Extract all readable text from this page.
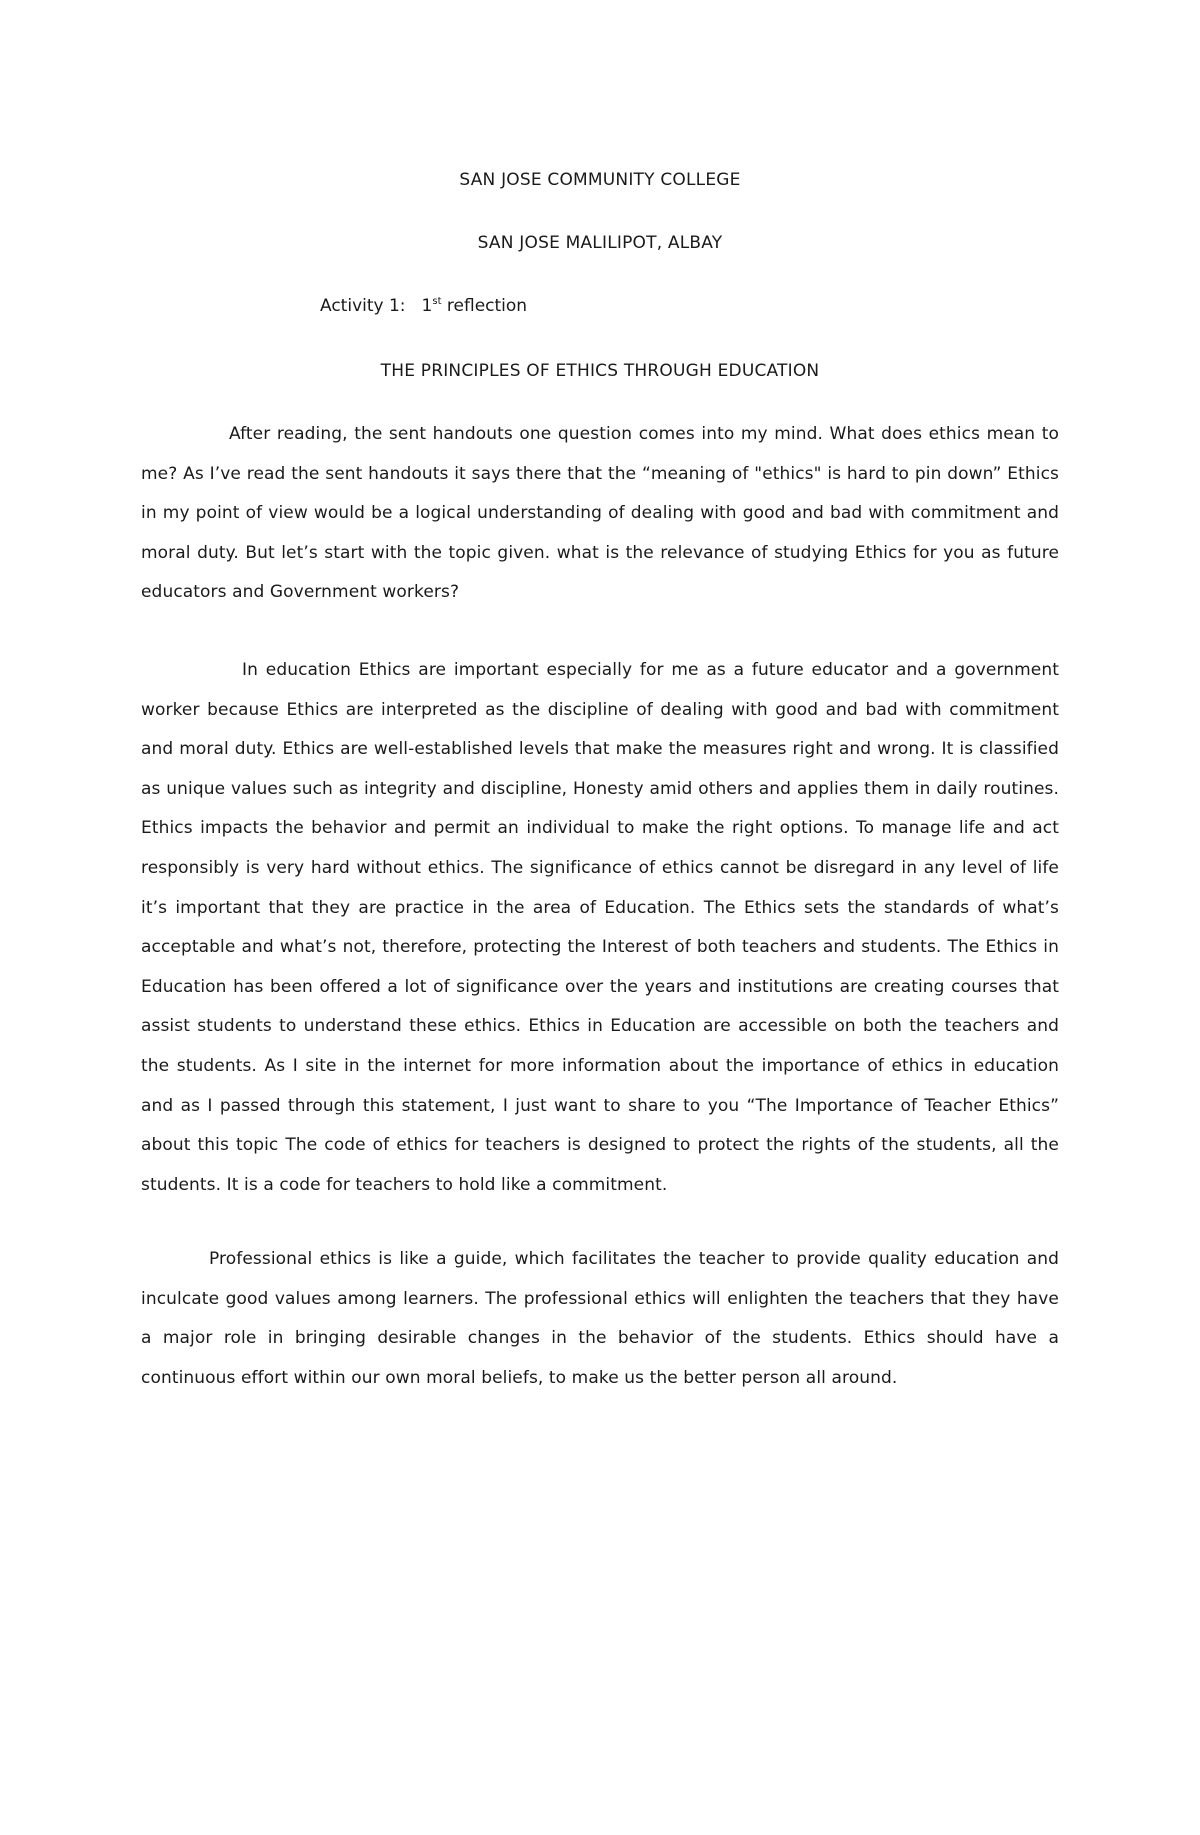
SAN JOSE COMMUNITY COLLEGE
SAN JOSE MALILIPOT, ALBAY
Activity 1: 1st reflection
THE PRINCIPLES OF ETHICS THROUGH EDUCATION

After reading, the sent handouts one question comes into my mind. What does ethics mean to me? As I’ve read the sent handouts it says there that the “meaning of "ethics" is hard to pin down” Ethics in my point of view would be a logical understanding of dealing with good and bad with commitment and moral duty. But let’s start with the topic given. what is the relevance of studying Ethics for you as future educators and Government workers?

In education Ethics are important especially for me as a future educator and a government worker because Ethics are interpreted as the discipline of dealing with good and bad with commitment and moral duty. Ethics are well-established levels that make the measures right and wrong. It is classified as unique values such as integrity and discipline, Honesty amid others and applies them in daily routines. Ethics impacts the behavior and permit an individual to make the right options. To manage life and act responsibly is very hard without ethics. The significance of ethics cannot be disregard in any level of life it’s important that they are practice in the area of Education. The Ethics sets the standards of what’s acceptable and what’s not, therefore, protecting the Interest of both teachers and students. The Ethics in Education has been offered a lot of significance over the years and institutions are creating courses that assist students to understand these ethics. Ethics in Education are accessible on both the teachers and the students. As I site in the internet for more information about the importance of ethics in education and as I passed through this statement, I just want to share to you “The Importance of Teacher Ethics” about this topic The code of ethics for teachers is designed to protect the rights of the students, all the students. It is a code for teachers to hold like a commitment.

Professional ethics is like a guide, which facilitates the teacher to provide quality education and inculcate good values among learners. The professional ethics will enlighten the teachers that they have a major role in bringing desirable changes in the behavior of the students. Ethics should have a continuous effort within our own moral beliefs, to make us the better person all around.
